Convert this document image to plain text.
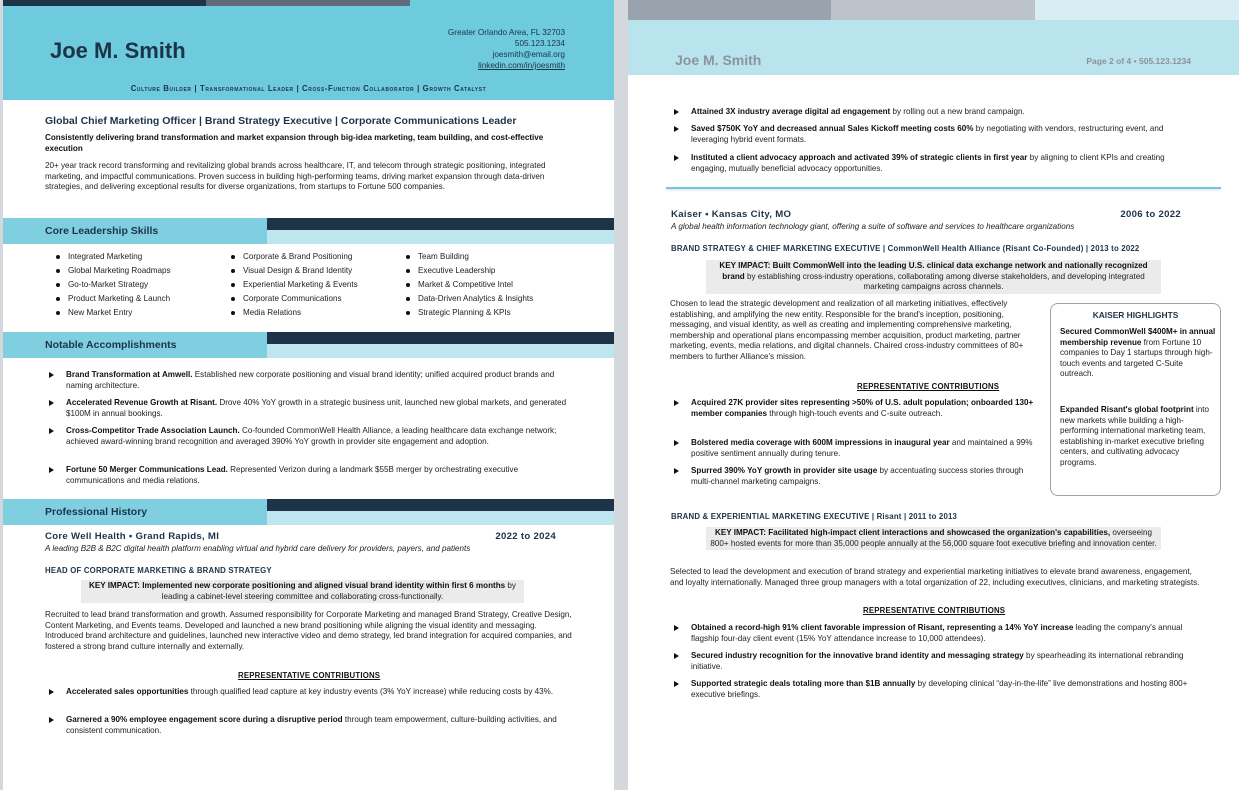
Joe M. Smith
Greater Orlando Area, FL 32703
505.123.1234
joesmith@email.org
linkedin.com/in/joesmith
Culture Builder | Transformational Leader | Cross-Function Collaborator | Growth Catalyst
Global Chief Marketing Officer | Brand Strategy Executive | Corporate Communications Leader
Consistently delivering brand transformation and market expansion through big-idea marketing, team building, and cost-effective execution
20+ year track record transforming and revitalizing global brands across healthcare, IT, and telecom through strategic positioning, integrated marketing, and impactful communications. Proven success in building high-performing teams, driving market expansion through data-driven strategies, and delivering exceptional results for diverse organizations, from startups to Fortune 500 companies.
Core Leadership Skills
Integrated Marketing
Global Marketing Roadmaps
Go-to-Market Strategy
Product Marketing & Launch
New Market Entry
Corporate & Brand Positioning
Visual Design & Brand Identity
Experiential Marketing & Events
Corporate Communications
Media Relations
Team Building
Executive Leadership
Market & Competitive Intel
Data-Driven Analytics & Insights
Strategic Planning & KPIs
Notable Accomplishments
Brand Transformation at Amwell. Established new corporate positioning and visual brand identity; unified acquired product brands and naming architecture.
Accelerated Revenue Growth at Risant. Drove 40% YoY growth in a strategic business unit, launched new global markets, and generated $100M in annual bookings.
Cross-Competitor Trade Association Launch. Co-founded CommonWell Health Alliance, a leading healthcare data exchange network; achieved award-winning brand recognition and averaged 390% YoY growth in provider site engagement and adoption.
Fortune 50 Merger Communications Lead. Represented Verizon during a landmark $55B merger by orchestrating executive communications and media relations.
Professional History
Core Well Health ▪ Grand Rapids, MI	2022 to 2024
A leading B2B & B2C digital health platform enabling virtual and hybrid care delivery for providers, payers, and patients
HEAD OF CORPORATE MARKETING & BRAND STRATEGY
KEY IMPACT: Implemented new corporate positioning and aligned visual brand identity within first 6 months by leading a cabinet-level steering committee and collaborating cross-functionally.
Recruited to lead brand transformation and growth. Assumed responsibility for Corporate Marketing and managed Brand Strategy, Creative Design, Content Marketing, and Events teams. Developed and launched a new brand positioning while aligning the visual identity and messaging. Introduced brand architecture and guidelines, launched new interactive video and demo strategy, led brand integration for acquired companies, and fostered a strong brand culture internally and externally.
REPRESENTATIVE CONTRIBUTIONS
Accelerated sales opportunities through qualified lead capture at key industry events (3% YoY increase) while reducing costs by 43%.
Garnered a 90% employee engagement score during a disruptive period through team empowerment, culture-building activities, and consistent communication.
Joe M. Smith	Page 2 of 4 ▪ 505.123.1234
Attained 3X industry average digital ad engagement by rolling out a new brand campaign.
Saved $750K YoY and decreased annual Sales Kickoff meeting costs 60% by negotiating with vendors, restructuring event, and leveraging hybrid event formats.
Instituted a client advocacy approach and activated 39% of strategic clients in first year by aligning to client KPIs and creating engaging, mutually beneficial advocacy opportunities.
Kaiser ▪ Kansas City, MO	2006 to 2022
A global health information technology giant, offering a suite of software and services to healthcare organizations
BRAND STRATEGY & CHIEF MARKETING EXECUTIVE | CommonWell Health Alliance (Risant Co-Founded) | 2013 to 2022
KEY IMPACT: Built CommonWell into the leading U.S. clinical data exchange network and nationally recognized brand by establishing cross-industry operations, collaborating among diverse stakeholders, and developing integrated marketing campaigns across channels.
Chosen to lead the strategic development and realization of all marketing initiatives, effectively establishing, and amplifying the new entity. Responsible for the brand's inception, positioning, messaging, and visual identity, as well as creating and implementing comprehensive marketing, membership and operational plans encompassing member acquisition, product marketing, partner marketing, events, media relations, and digital channels. Chaired cross-industry committees of 80+ members to further Alliance's mission.
KAISER HIGHLIGHTS
Secured CommonWell $400M+ in annual membership revenue from Fortune 10 companies to Day 1 startups through high-touch events and targeted C-Suite outreach.
Expanded Risant's global footprint into new markets while building a high-performing international marketing team, establishing in-market executive briefing centers, and cultivating advocacy programs.
REPRESENTATIVE CONTRIBUTIONS
Acquired 27K provider sites representing >50% of U.S. adult population; onboarded 130+ member companies through high-touch events and C-suite outreach.
Bolstered media coverage with 600M impressions in inaugural year and maintained a 99% positive sentiment annually during tenure.
Spurred 390% YoY growth in provider site usage by accentuating success stories through multi-channel marketing campaigns.
BRAND & EXPERIENTIAL MARKETING EXECUTIVE | Risant | 2011 to 2013
KEY IMPACT: Facilitated high-impact client interactions and showcased the organization's capabilities, overseeing 800+ hosted events for more than 35,000 people annually at the 56,000 square foot executive briefing and innovation center.
Selected to lead the development and execution of brand strategy and experiential marketing initiatives to elevate brand awareness, engagement, and loyalty internationally. Managed three group managers with a total organization of 22, including executives, clinicians, and marketing strategists.
REPRESENTATIVE CONTRIBUTIONS
Obtained a record-high 91% client favorable impression of Risant, representing a 14% YoY increase leading the company's annual flagship four-day client event (15% YoY attendance increase to 10,000 attendees).
Secured industry recognition for the innovative brand identity and messaging strategy by spearheading its international rebranding initiative.
Supported strategic deals totaling more than $1B annually by developing clinical “day-in-the-life” live demonstrations and hosting 800+ executive briefings.
